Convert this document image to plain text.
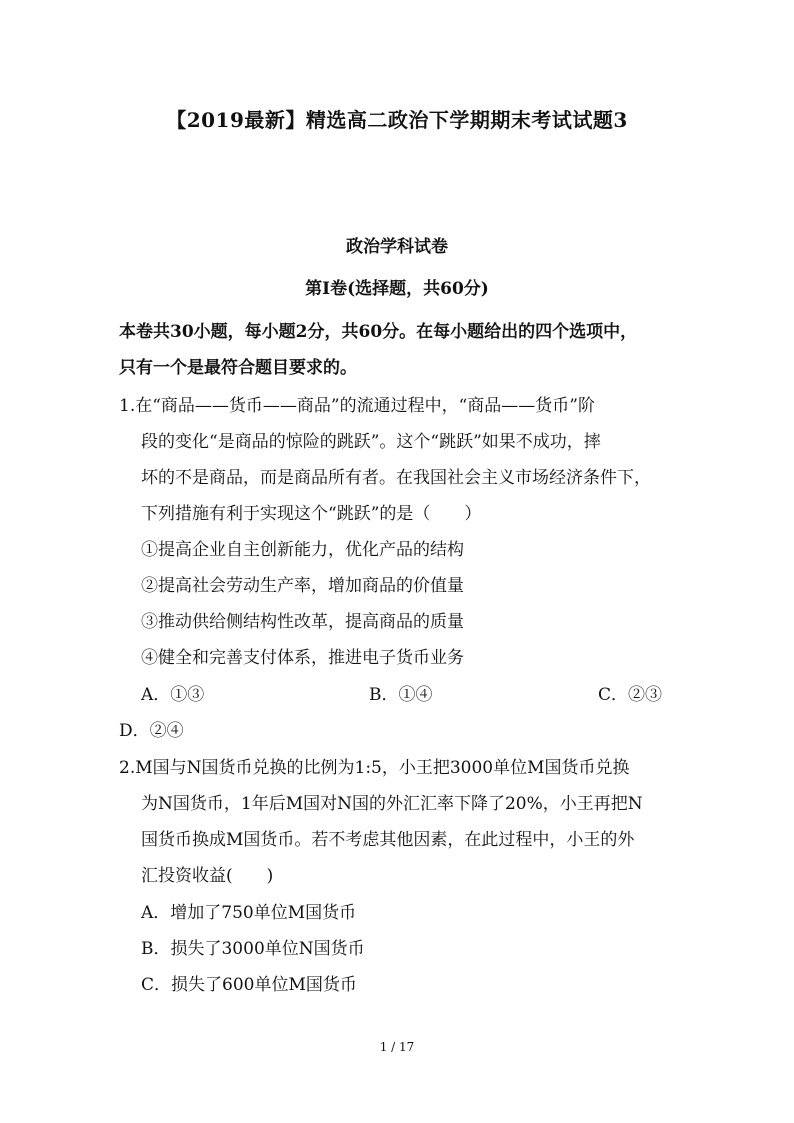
【2019最新】精选高二政治下学期期末考试试题3
政治学科试卷
第Ⅰ卷(选择题，共60分)
本卷共30小题，每小题2分，共60分。在每小题给出的四个选项中，
只有一个是最符合题目要求的。
1.在“商品——货币——商品”的流通过程中，“商品——货币”阶
段的变化“是商品的惊险的跳跃”。这个“跳跃”如果不成功，摔
坏的不是商品，而是商品所有者。在我国社会主义市场经济条件下，
下列措施有利于实现这个“跳跃”的是（　　）
①提高企业自主创新能力，优化产品的结构
②提高社会劳动生产率，增加商品的价值量
③推动供给侧结构性改革，提高商品的质量
④健全和完善支付体系，推进电子货币业务
A．①③	B．①④	C．②③
D．②④
2.M国与N国货币兑换的比例为1:5，小王把3000单位M国货币兑换
为N国货币，1年后M国对N国的外汇汇率下降了20%，小王再把N
国货币换成M国货币。若不考虑其他因素，在此过程中，小王的外
汇投资收益(　　)
A．增加了750单位M国货币
B．损失了3000单位N国货币
C．损失了600单位M国货币
1 / 17
